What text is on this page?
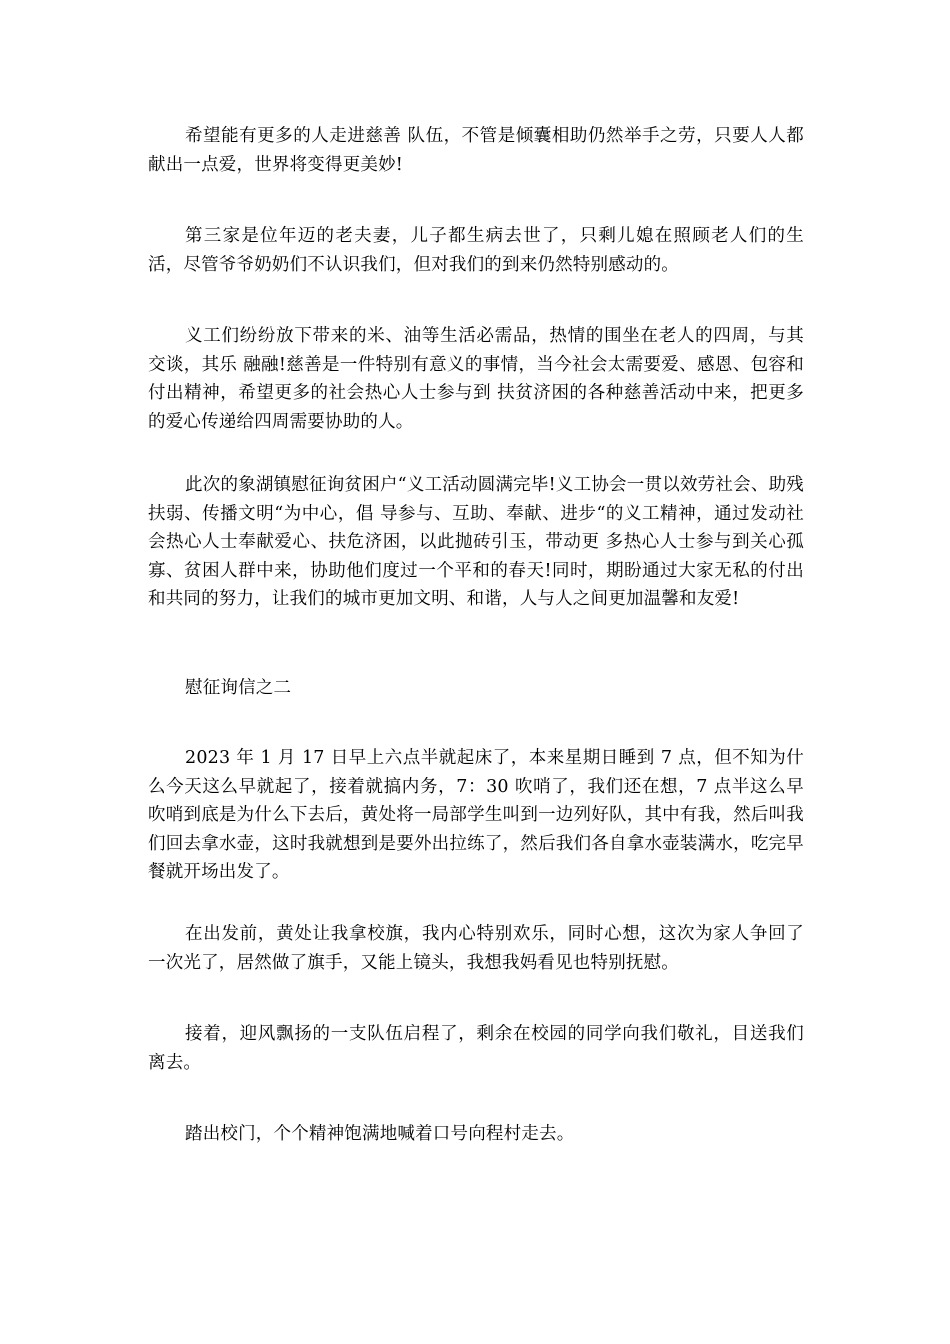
希望能有更多的人走进慈善 队伍，不管是倾囊相助仍然举手之劳，只要人人都献出一点爱，世界将变得更美妙!

第三家是位年迈的老夫妻，儿子都生病去世了，只剩儿媳在照顾老人们的生活，尽管爷爷奶奶们不认识我们，但对我们的到来仍然特别感动的。

义工们纷纷放下带来的米、油等生活必需品，热情的围坐在老人的四周，与其交谈，其乐 融融!慈善是一件特别有意义的事情，当今社会太需要爱、感恩、包容和付出精神，希望更多的社会热心人士参与到 扶贫济困的各种慈善活动中来，把更多的爱心传递给四周需要协助的人。

此次的象湖镇慰征询贫困户“义工活动圆满完毕!义工协会一贯以效劳社会、助残扶弱、传播文明“为中心，倡 导参与、互助、奉献、进步“的义工精神，通过发动社会热心人士奉献爱心、扶危济困，以此抛砖引玉，带动更 多热心人士参与到关心孤寡、贫困人群中来，协助他们度过一个平和的春天!同时，期盼通过大家无私的付出和共同的努力，让我们的城市更加文明、和谐，人与人之间更加温馨和友爱!

慰征询信之二

2023 年 1 月 17 日早上六点半就起床了，本来星期日睡到 7 点，但不知为什么今天这么早就起了，接着就搞内务，7：30 吹哨了，我们还在想，7 点半这么早吹哨到底是为什么下去后，黄处将一局部学生叫到一边列好队，其中有我，然后叫我们回去拿水壶，这时我就想到是要外出拉练了，然后我们各自拿水壶装满水，吃完早餐就开场出发了。

在出发前，黄处让我拿校旗，我内心特别欢乐，同时心想，这次为家人争回了一次光了，居然做了旗手，又能上镜头，我想我妈看见也特别抚慰。

接着，迎风飘扬的一支队伍启程了，剩余在校园的同学向我们敬礼，目送我们离去。

踏出校门，个个精神饱满地喊着口号向程村走去。
